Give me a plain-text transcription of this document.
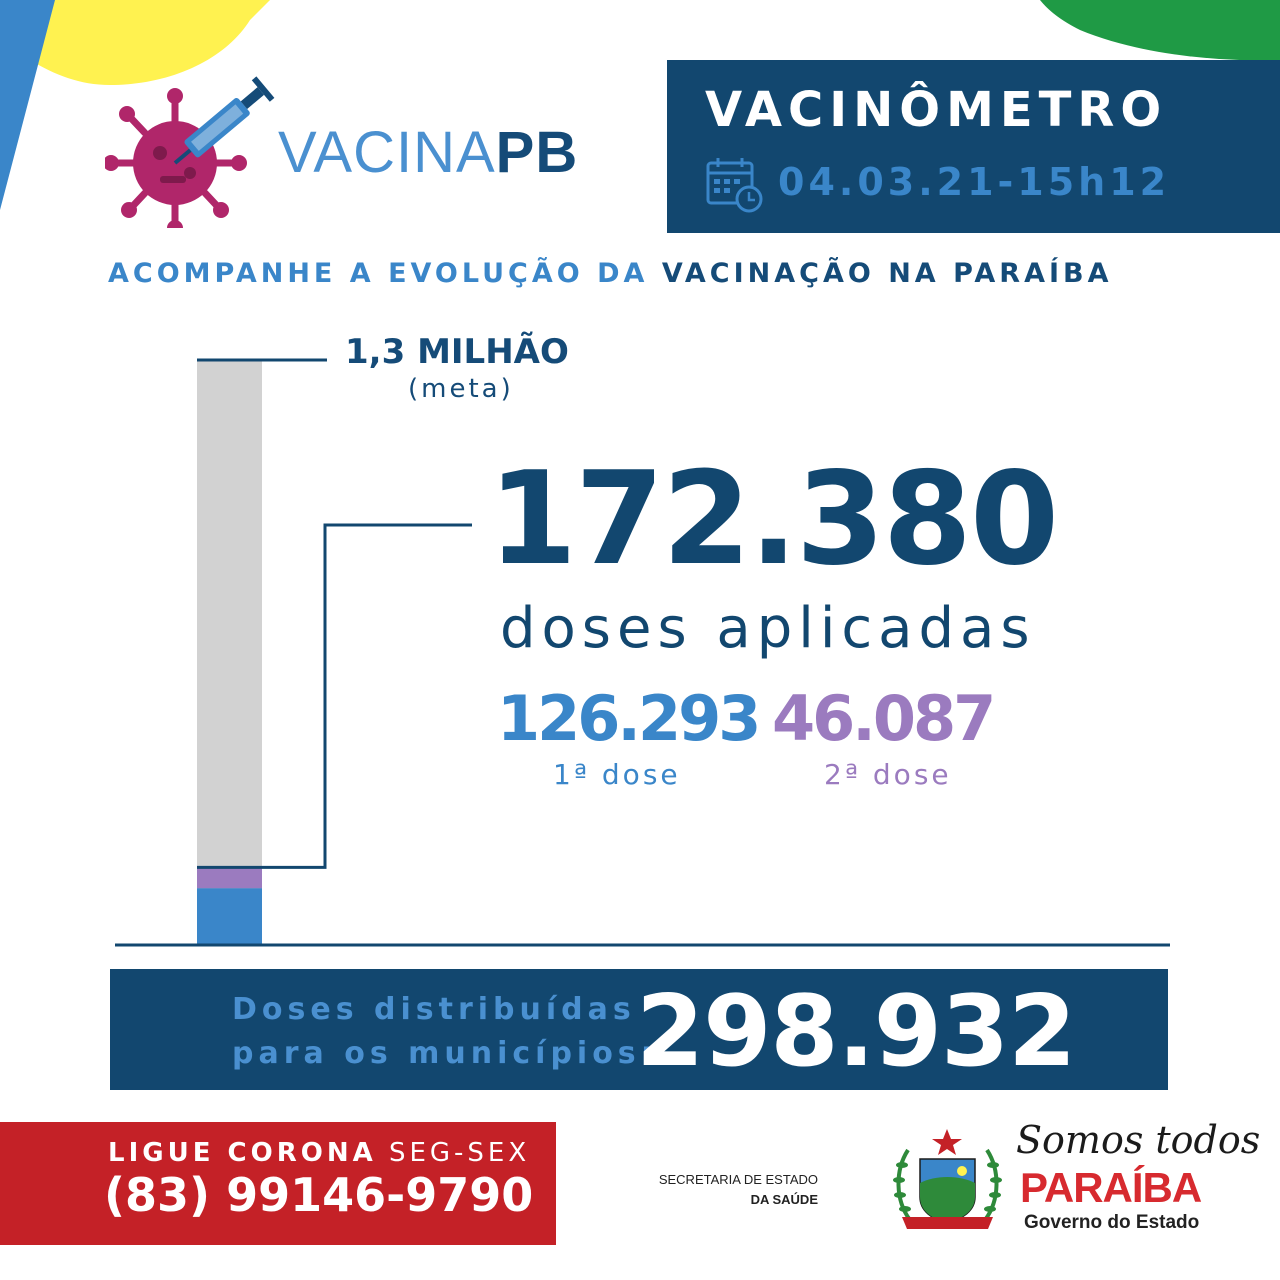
VACINAPB
VACINÔMETRO
04.03.21-15h12
ACOMPANHE A EVOLUÇÃO DA VACINAÇÃO NA PARAÍBA
1,3 MILHÃO
(meta)
172.380
doses aplicadas
126.293
1ª dose
46.087
2ª dose
Doses distribuídas
para os municípios:
298.932
LIGUE CORONA SEG-SEX
(83) 99146-9790	SECRETARIA DE ESTADO
DA SAÚDE
Somos todos
PARAÍBA
Governo do Estado
